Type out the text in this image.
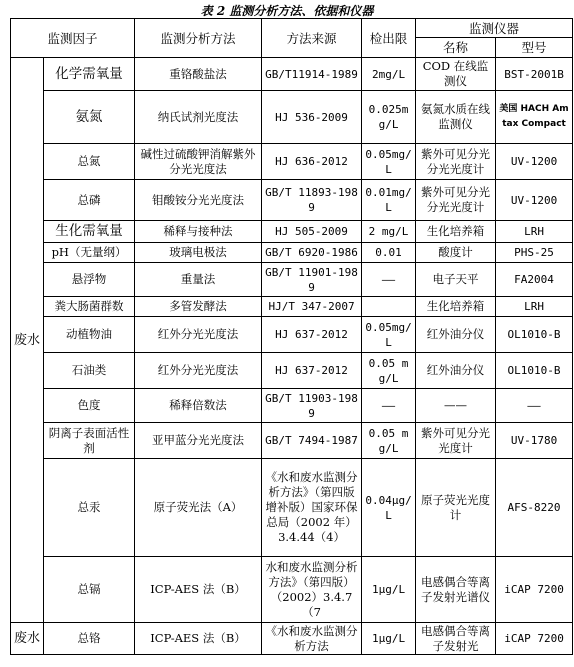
表 2 监测分析方法、依据和仪器
监测因子		监测分析方法	方法来源	检出限	监测仪器	
					名称	型号
废水	化学需氧量	重铬酸盐法	GB/T11914-1989	2mg/L	COD 在线监测仪	BST-2001B
	氨氮	纳氏试剂光度法	HJ 536-2009	0.025mg/L	氨氮水质在线监测仪	美国 HACH Amtax Compact
	总氮	碱性过硫酸钾消解紫外分光光度法	HJ 636-2012	0.05mg/L	紫外可见分光分光光度计	UV-1200
	总磷	钼酸铵分光光度法	GB/T 11893-1989	0.01mg/L	紫外可见分光分光光度计	UV-1200
	生化需氧量	稀释与接种法	HJ 505-2009	2 mg/L	生化培养箱	LRH
	pH（无量纲）	玻璃电极法	GB/T 6920-1986	0.01	酸度计	PHS-25
	悬浮物	重量法	GB/T 11901-1989	——	电子天平	FA2004
	粪大肠菌群数	多管发酵法	HJ/T 347-2007		生化培养箱	LRH
	动植物油	红外分光光度法	HJ 637-2012	0.05mg/L	红外油分仪	OL1010-B
	石油类	红外分光光度法	HJ 637-2012	0.05 mg/L	红外油分仪	OL1010-B
	色度	稀释倍数法	GB/T 11903-1989	——	——	——
	阴离子表面活性剂	亚甲蓝分光光度法	GB/T 7494-1987	0.05 mg/L	紫外可见分光光度计	UV-1780
	总汞	原子荧光法（A）	《水和废水监测分析方法》（第四版增补版）国家环保总局（2002 年）3.4.44（4）	0.04μg/L	原子荧光光度计	AFS-8220
	总镉	ICP-AES 法（B）	水和废水监测分析方法》（第四版）（2002）3.4.7（7	1μg/L	电感偶合等离子发射光谱仪	iCAP 7200
废水	总铬	ICP-AES 法（B）	《水和废水监测分析方法	1μg/L	电感偶合等离子发射光	iCAP 7200
